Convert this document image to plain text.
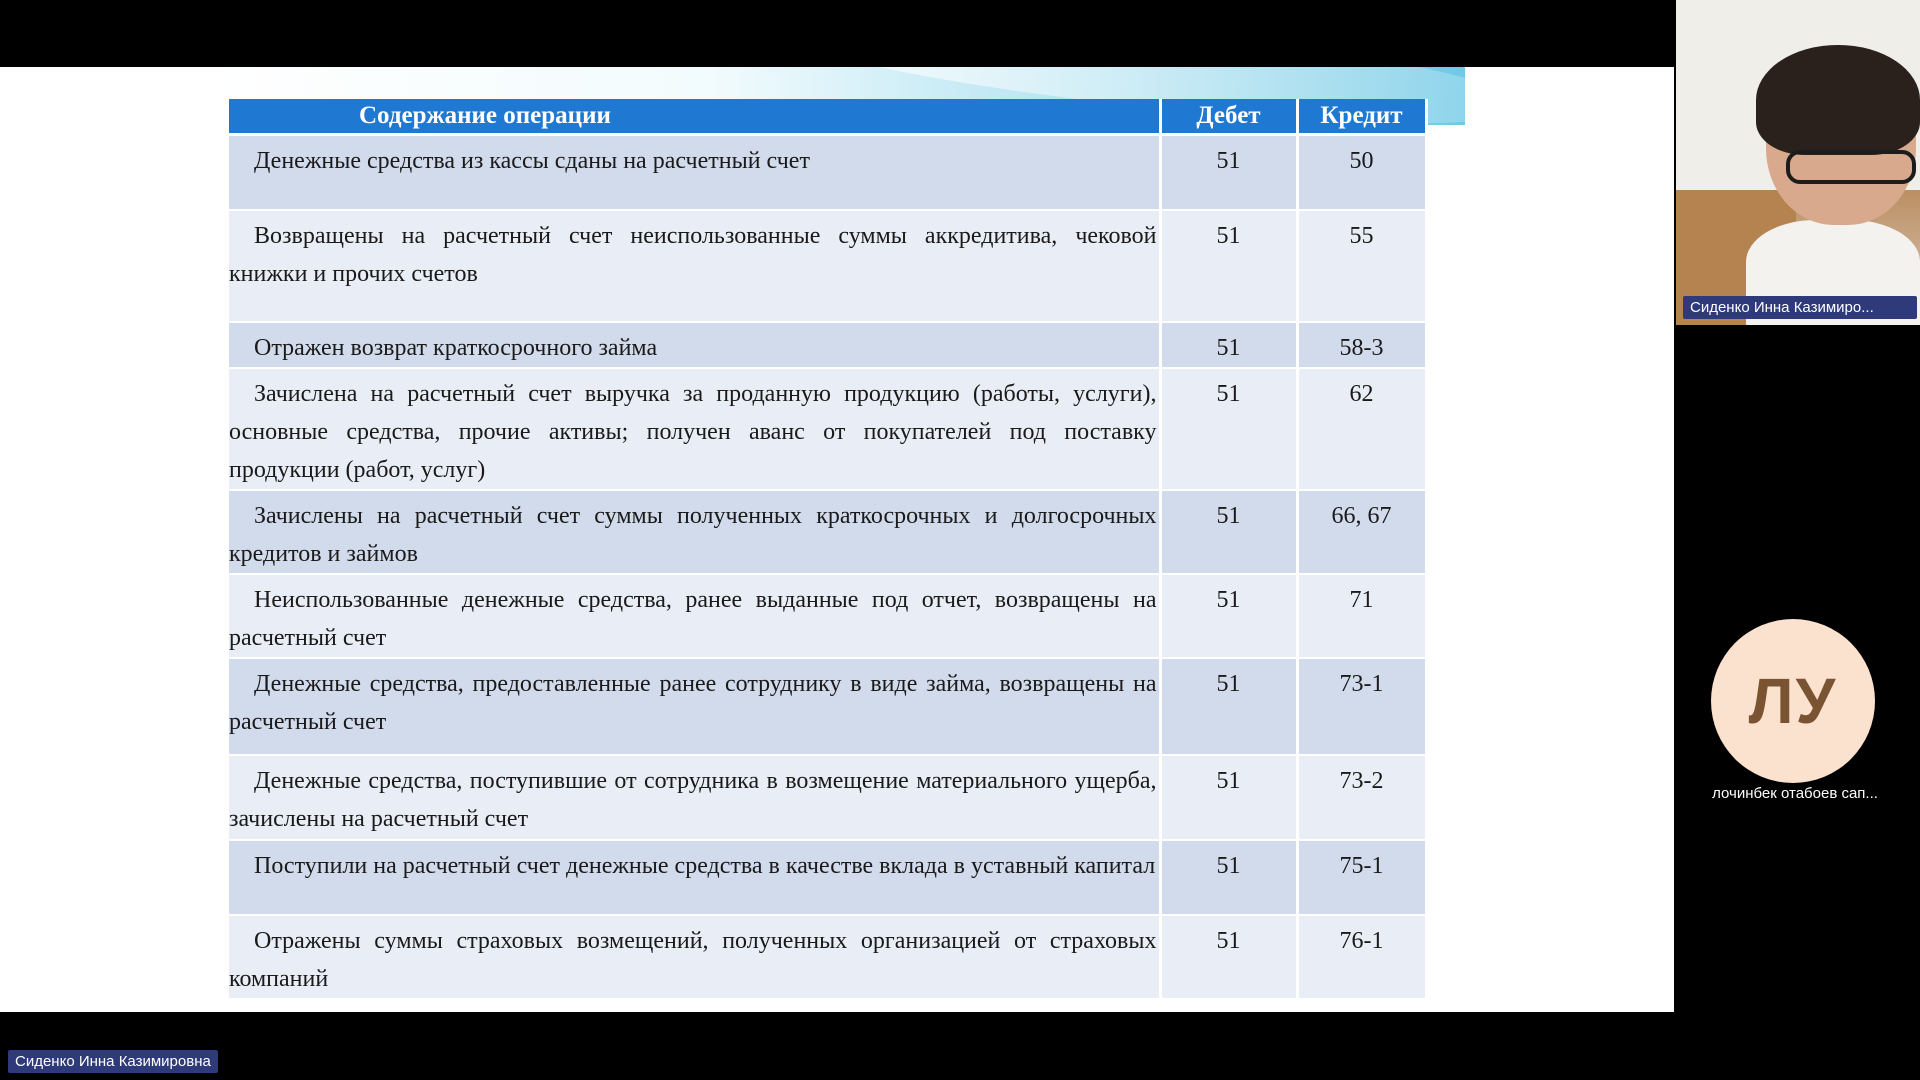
Содержание операции	Дебет	Кредит
Денежные средства из кассы сданы на расчетный счет	51	50
Возвращены на расчетный счет неиспользованные суммы аккредитива, чековой книжки и прочих счетов	51	55
Отражен возврат краткосрочного займа	51	58-3
Зачислена на расчетный счет выручка за проданную продукцию (работы, услуги), основные средства, прочие активы; получен аванс от покупателей под поставку продукции (работ, услуг)	51	62
Зачислены на расчетный счет суммы полученных краткосрочных и долгосрочных кредитов и займов	51	66, 67
Неиспользованные денежные средства, ранее выданные под отчет, возвращены на расчетный счет	51	71
Денежные средства, предоставленные ранее сотруднику в виде займа, возвращены на расчетный счет	51	73-1
Денежные средства, поступившие от сотрудника в возмещение материального ущерба, зачислены на расчетный счет	51	73-2
Поступили на расчетный счет денежные средства в качестве вклада в уставный капитал	51	75-1
Отражены суммы страховых возмещений, полученных организацией от страховых компаний	51	76-1
Сиденко Инна Казимиро...
ЛУ
лочинбек отабоев сап...
Сиденко Инна Казимировна
